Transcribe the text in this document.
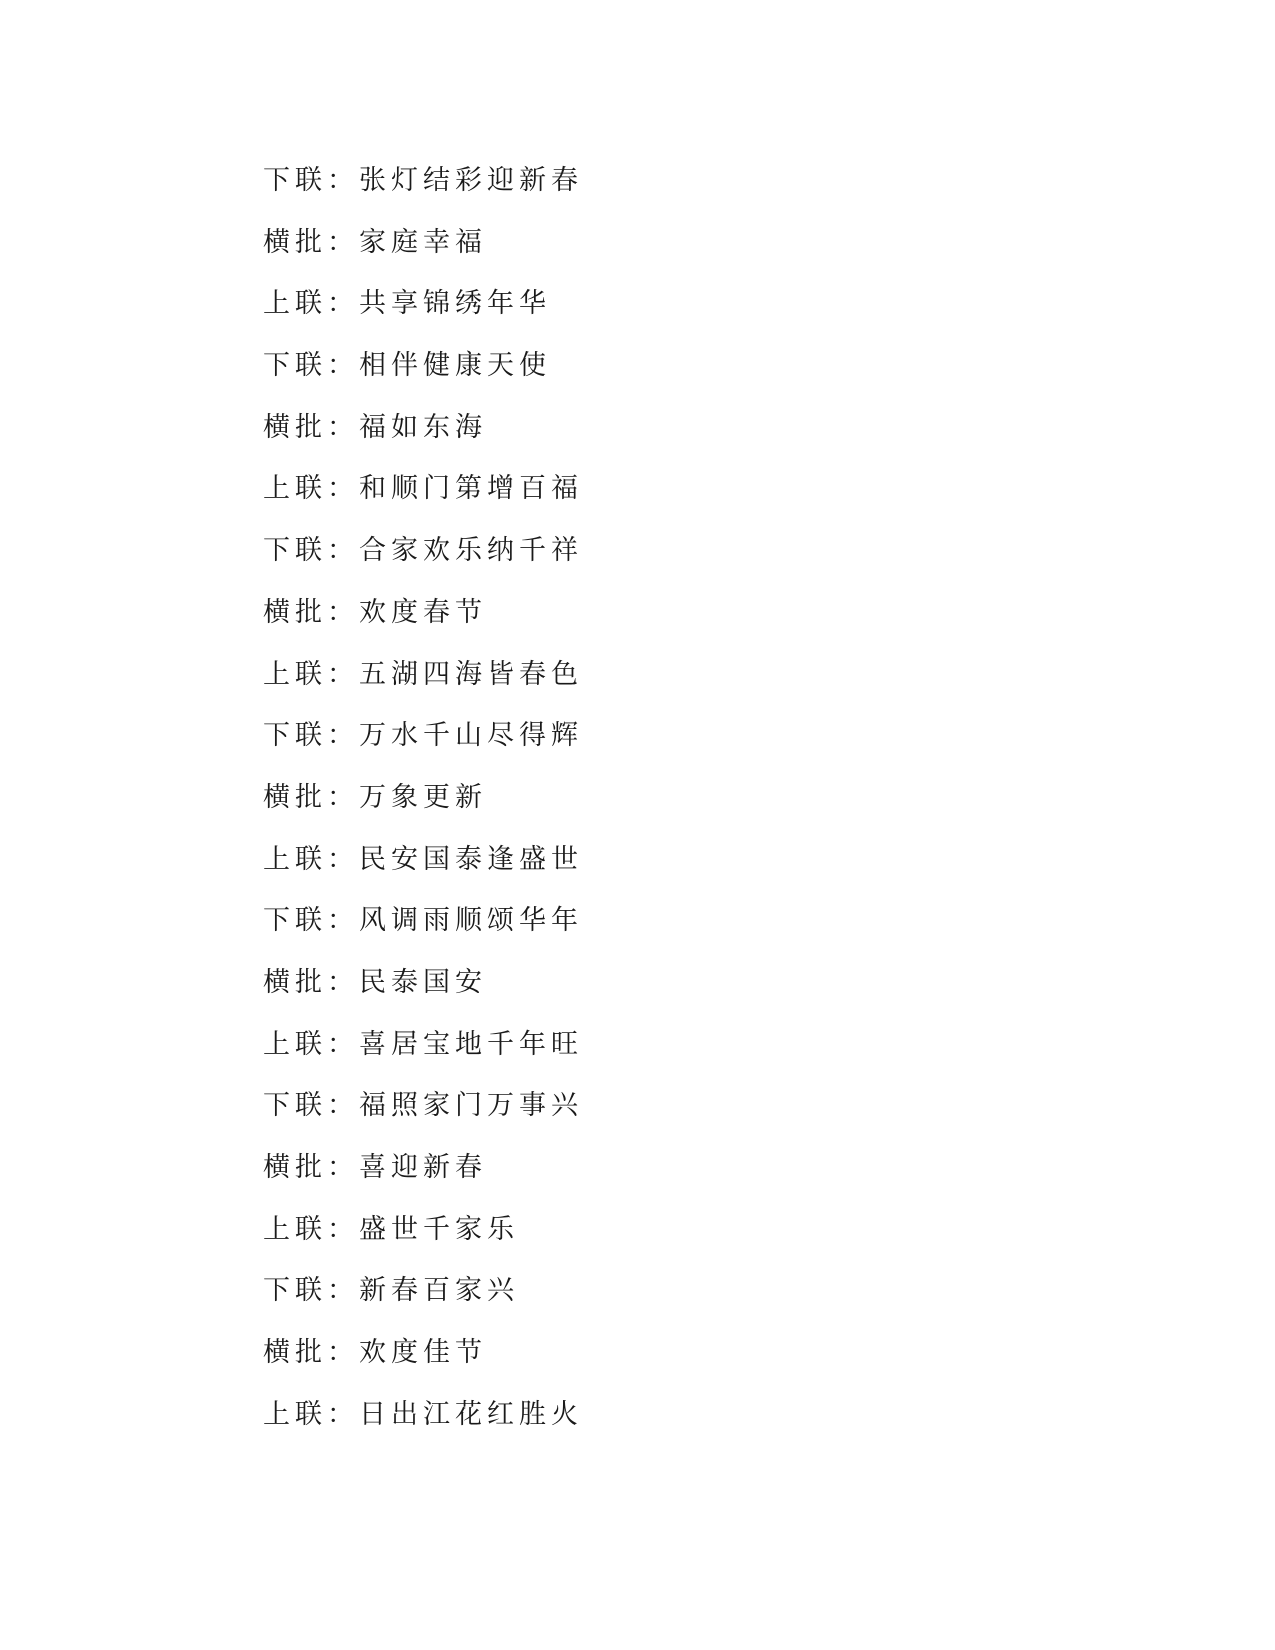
下联：张灯结彩迎新春
横批：家庭幸福
上联：共享锦绣年华
下联：相伴健康天使
横批：福如东海
上联：和顺门第增百福
下联：合家欢乐纳千祥
横批：欢度春节
上联：五湖四海皆春色
下联：万水千山尽得辉
横批：万象更新
上联：民安国泰逢盛世
下联：风调雨顺颂华年
横批：民泰国安
上联：喜居宝地千年旺
下联：福照家门万事兴
横批：喜迎新春
上联：盛世千家乐
下联：新春百家兴
横批：欢度佳节
上联：日出江花红胜火
